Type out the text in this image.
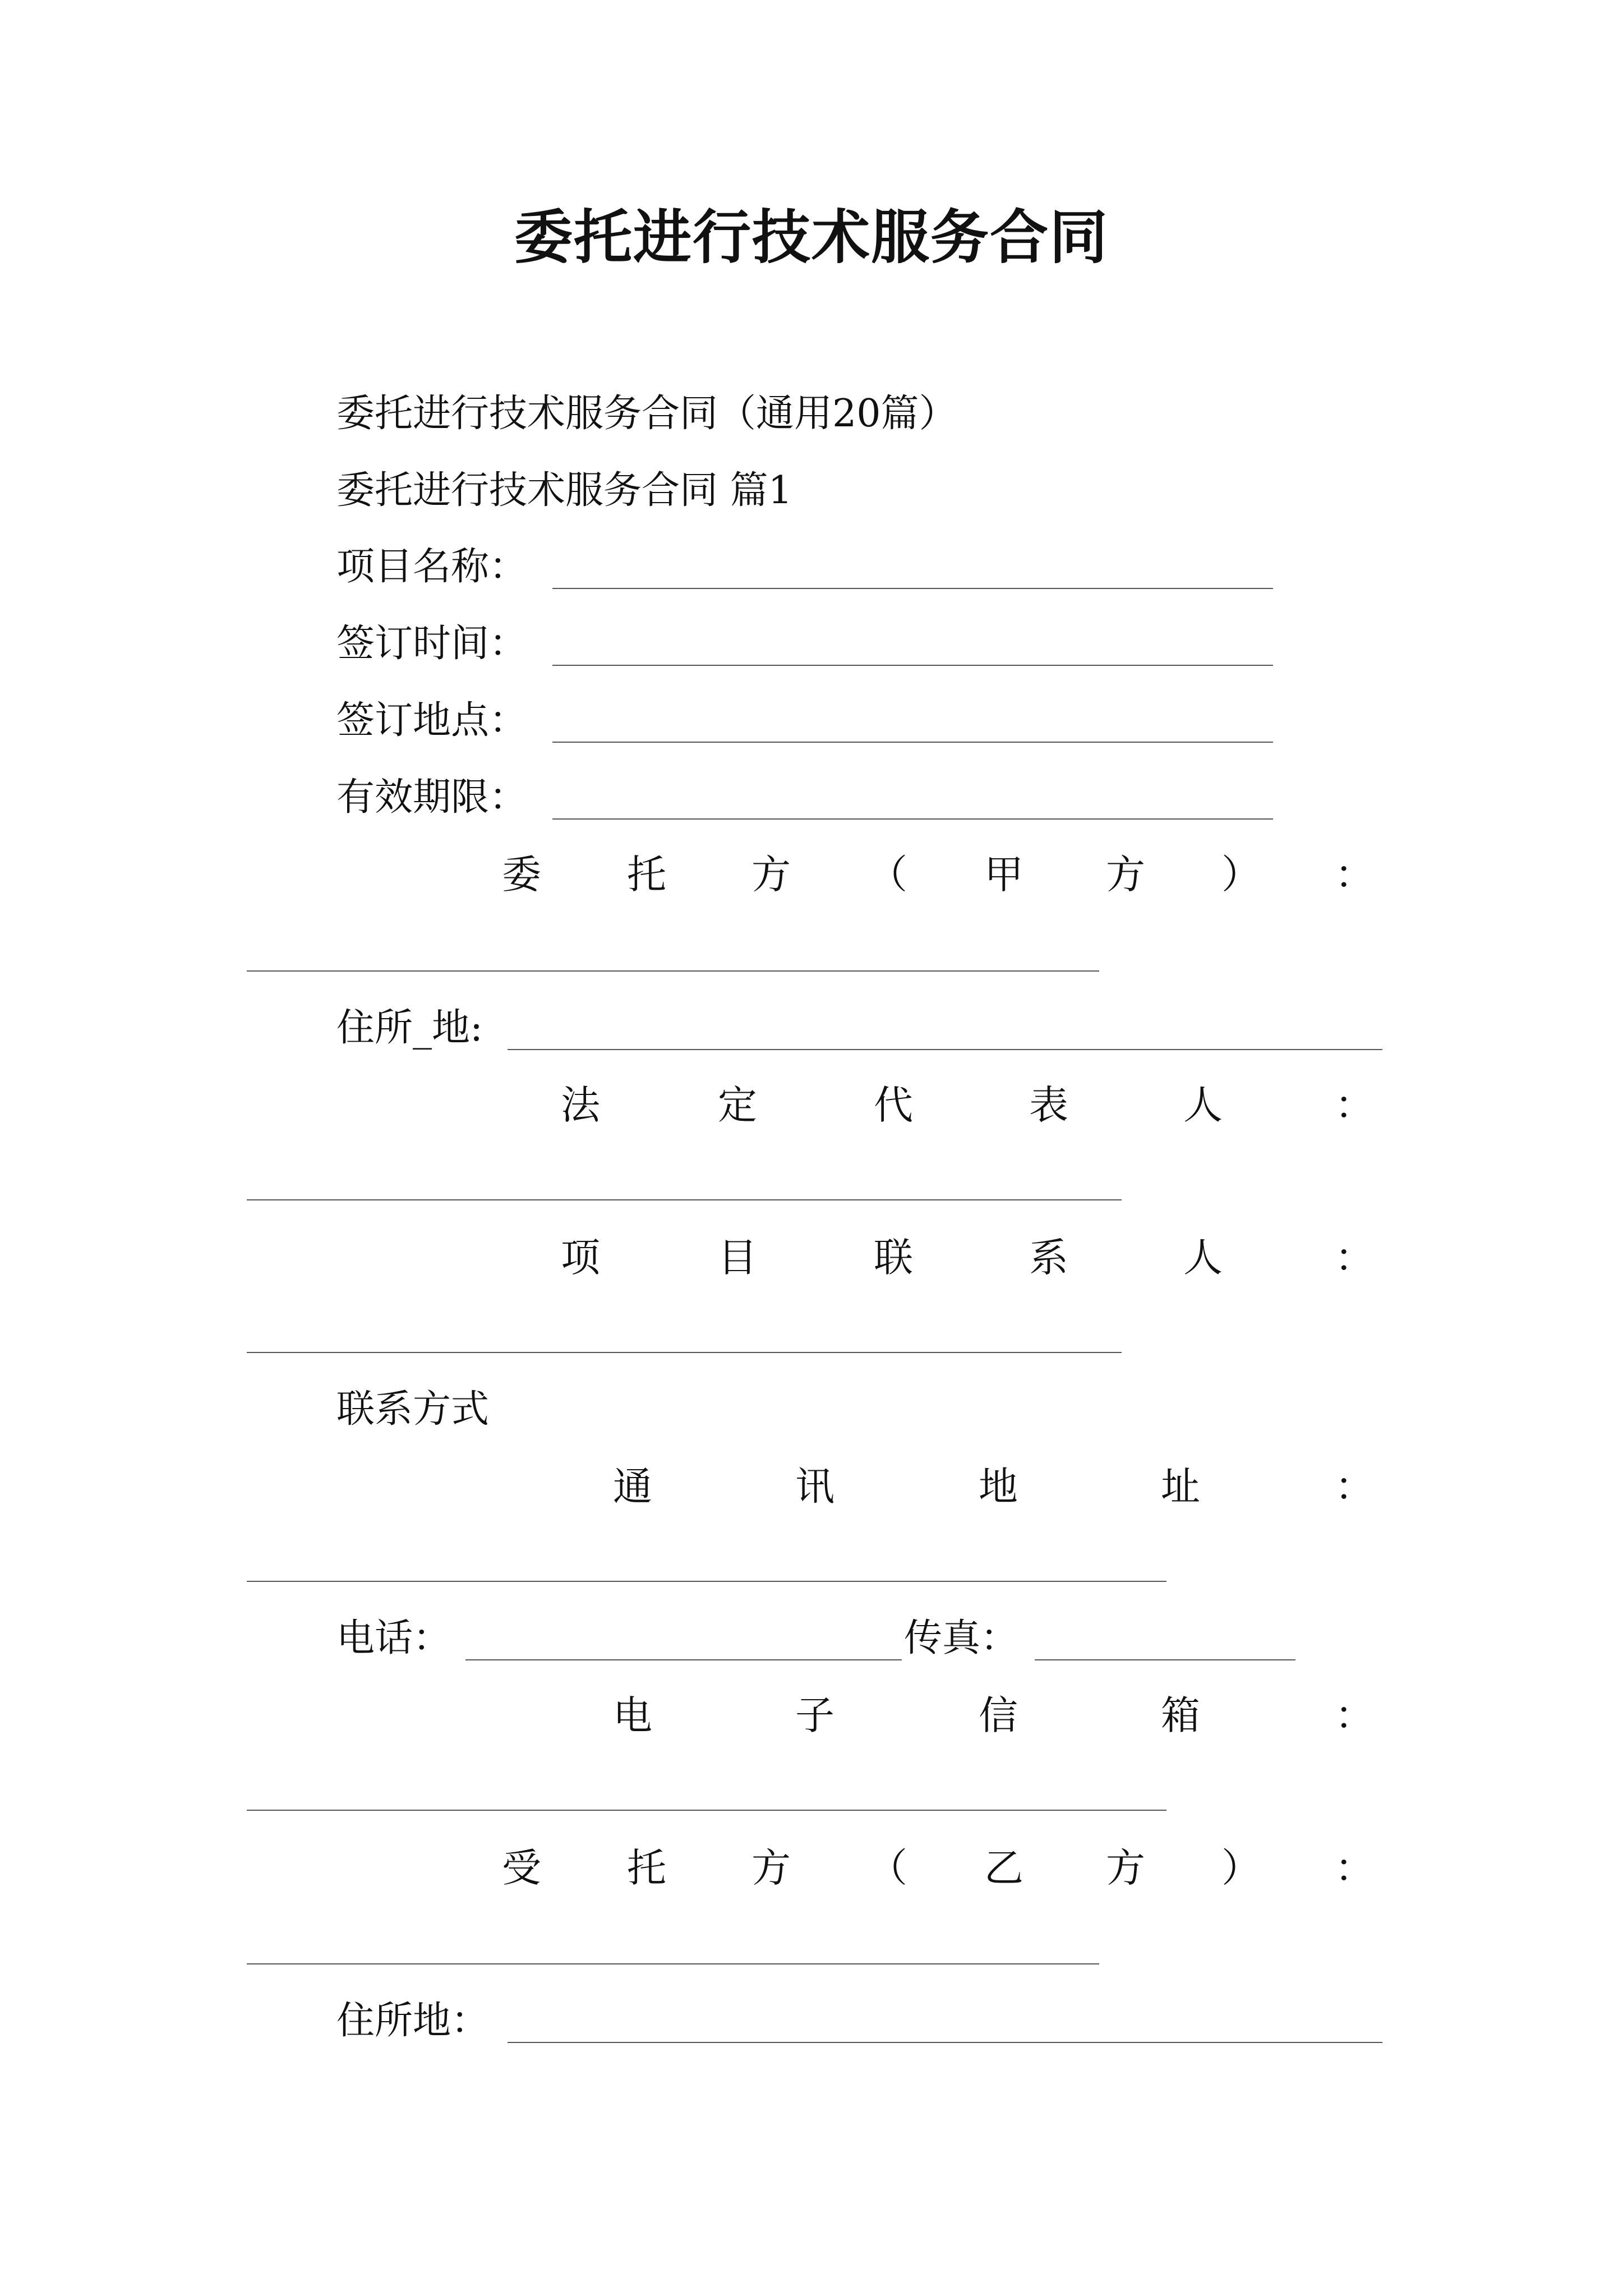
委托进行技术服务合同
委托进行技术服务合同（通用20篇）
委托进行技术服务合同 篇1
项目名称：
签订时间：
签订地点：
有效期限：
委 托 方 （ 甲 方 ） ：
住所_地:
法	定	代	表	人	：
项	目	联	系	人	：
联系方式
通	讯	地	址	：
电话：	传真：
电	子	信	箱	：
受 托 方 （ 乙 方 ） ：
住所地：
